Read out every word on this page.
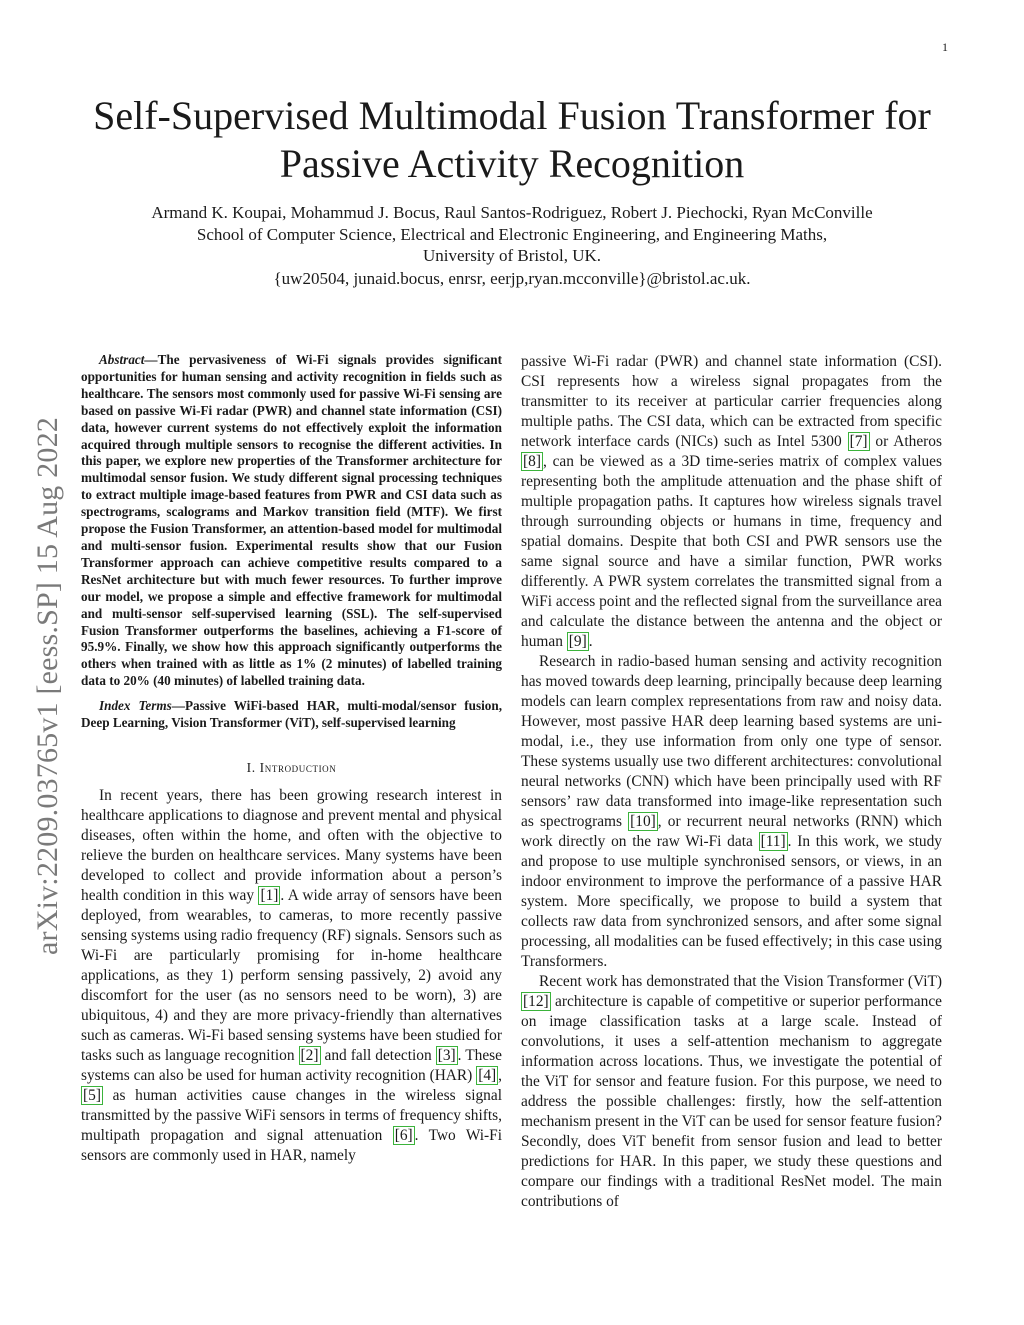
1
arXiv:2209.03765v1 [eess.SP] 15 Aug 2022
Self-Supervised Multimodal Fusion Transformer for
Passive Activity Recognition
Armand K. Koupai, Mohammud J. Bocus, Raul Santos-Rodriguez, Robert J. Piechocki, Ryan McConville
School of Computer Science, Electrical and Electronic Engineering, and Engineering Maths,
University of Bristol, UK.
{uw20504, junaid.bocus, enrsr, eerjp,ryan.mcconville}@bristol.ac.uk.
Abstract—The pervasiveness of Wi-Fi signals provides significant opportunities for human sensing and activity recognition in fields such as healthcare. The sensors most commonly used for passive Wi-Fi sensing are based on passive Wi-Fi radar (PWR) and channel state information (CSI) data, however current systems do not effectively exploit the information acquired through multiple sensors to recognise the different activities. In this paper, we explore new properties of the Transformer architecture for multimodal sensor fusion. We study different signal processing techniques to extract multiple image-based features from PWR and CSI data such as spectrograms, scalograms and Markov transition field (MTF). We first propose the Fusion Transformer, an attention-based model for multimodal and multi-sensor fusion. Experimental results show that our Fusion Transformer approach can achieve competitive results compared to a ResNet architecture but with much fewer resources. To further improve our model, we propose a simple and effective framework for multimodal and multi-sensor self-supervised learning (SSL). The self-supervised Fusion Transformer outperforms the baselines, achieving a F1-score of 95.9%. Finally, we show how this approach significantly outperforms the others when trained with as little as 1% (2 minutes) of labelled training data to 20% (40 minutes) of labelled training data.
Index Terms—Passive WiFi-based HAR, multi-modal/sensor fusion, Deep Learning, Vision Transformer (ViT), self-supervised learning
I. Introduction

In recent years, there has been growing research interest in healthcare applications to diagnose and prevent mental and physical diseases, often within the home, and often with the objective to relieve the burden on healthcare services. Many systems have been developed to collect and provide information about a person’s health condition in this way [1] . A wide array of sensors have been deployed, from wearables, to cameras, to more recently passive sensing systems using radio frequency (RF) signals. Sensors such as Wi-Fi are particularly promising for in-home healthcare applications, as they 1) perform sensing passively, 2) avoid any discomfort for the user (as no sensors need to be worn), 3) are ubiquitous, 4) and they are more privacy-friendly than alternatives such as cameras. Wi-Fi based sensing systems have been studied for tasks such as language recognition [2] and fall detection [3] . These systems can also be used for human activity recognition (HAR) [4] , [5] as human activities cause changes in the wireless signal transmitted by the passive WiFi sensors in terms of frequency shifts, multipath propagation and signal attenuation [6] . Two Wi-Fi sensors are commonly used in HAR, namely

passive Wi-Fi radar (PWR) and channel state information (CSI). CSI represents how a wireless signal propagates from the transmitter to its receiver at particular carrier frequencies along multiple paths. The CSI data, which can be extracted from specific network interface cards (NICs) such as Intel 5300 [7] or Atheros [8] , can be viewed as a 3D time-series matrix of complex values representing both the amplitude attenuation and the phase shift of multiple propagation paths. It captures how wireless signals travel through surrounding objects or humans in time, frequency and spatial domains. Despite that both CSI and PWR sensors use the same signal source and have a similar function, PWR works differently. A PWR system correlates the transmitted signal from a WiFi access point and the reflected signal from the surveillance area and calculate the distance between the antenna and the object or human [9] .

Research in radio-based human sensing and activity recognition has moved towards deep learning, principally because deep learning models can learn complex representations from raw and noisy data. However, most passive HAR deep learning based systems are uni-modal, i.e., they use information from only one type of sensor. These systems usually use two different architectures: convolutional neural networks (CNN) which have been principally used with RF sensors’ raw data transformed into image-like representation such as spectrograms [10] , or recurrent neural networks (RNN) which work directly on the raw Wi-Fi data [11] . In this work, we study and propose to use multiple synchronised sensors, or views, in an indoor environment to improve the performance of a passive HAR system. More specifically, we propose to build a system that collects raw data from synchronized sensors, and after some signal processing, all modalities can be fused effectively; in this case using Transformers.

Recent work has demonstrated that the Vision Transformer (ViT) [12] architecture is capable of competitive or superior performance on image classification tasks at a large scale. Instead of convolutions, it uses a self-attention mechanism to aggregate information across locations. Thus, we investigate the potential of the ViT for sensor and feature fusion. For this purpose, we need to address the possible challenges: firstly, how the self-attention mechanism present in the ViT can be used for sensor feature fusion? Secondly, does ViT benefit from sensor fusion and lead to better predictions for HAR. In this paper, we study these questions and compare our findings with a traditional ResNet model. The main contributions of
